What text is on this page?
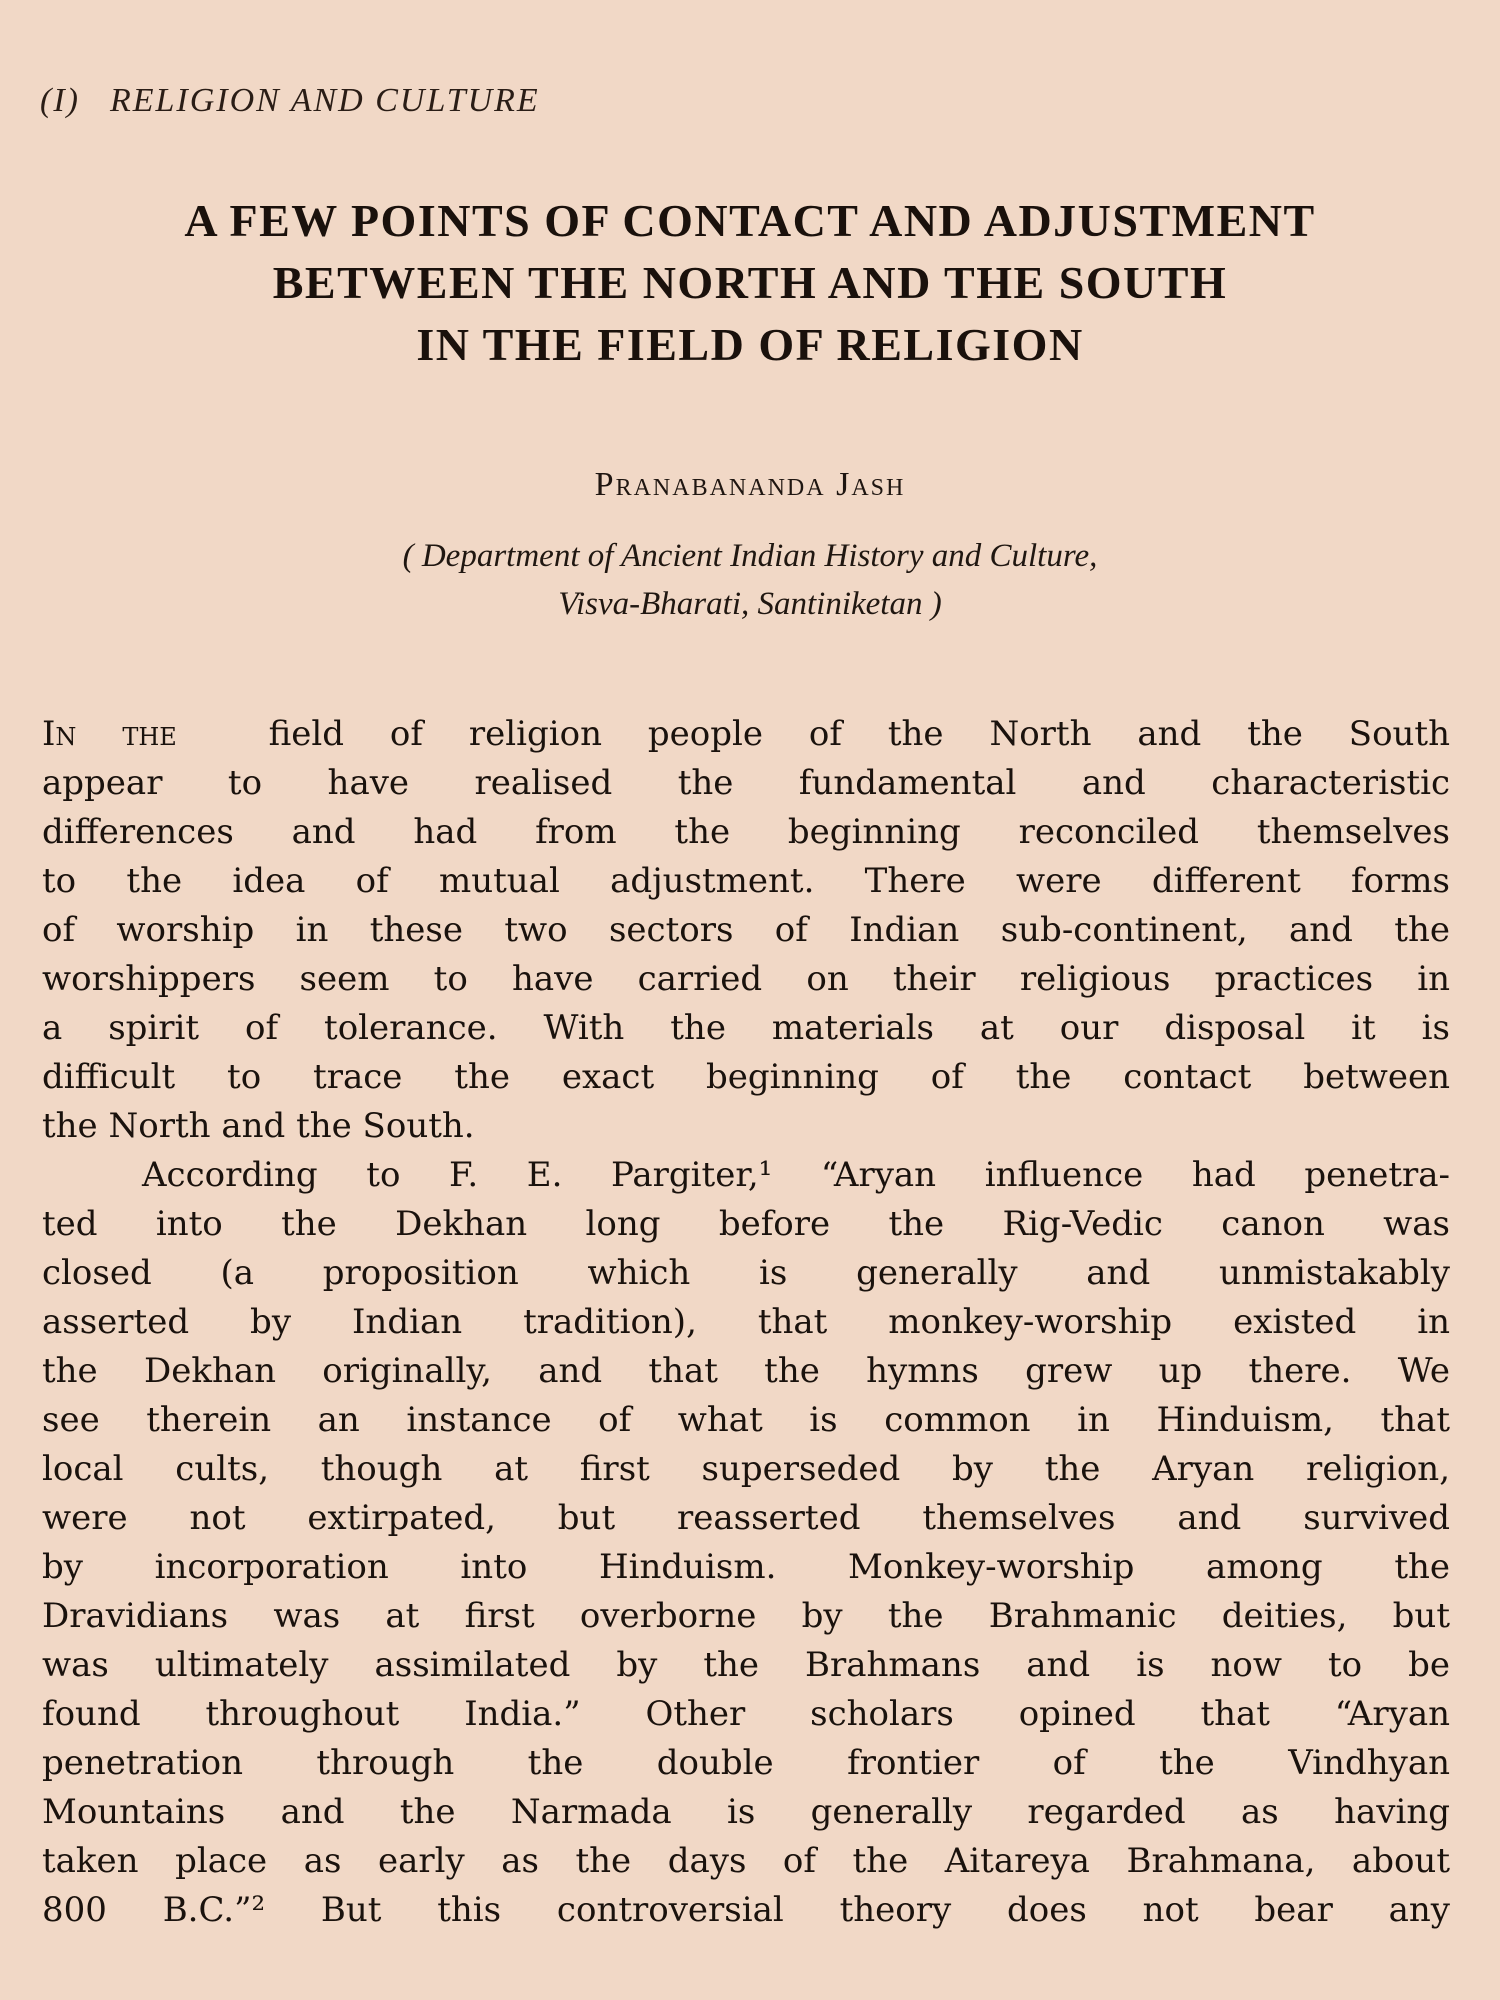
(I) RELIGION AND CULTURE
A FEW POINTS OF CONTACT AND ADJUSTMENT
BETWEEN THE NORTH AND THE SOUTH
IN THE FIELD OF RELIGION
Pranabananda Jash
( Department of Ancient Indian History and Culture,
Visva-Bharati, Santiniketan )
In the	field of religion people of the North and the South
appear to have realised the fundamental and characteristic
differences and had from the beginning reconciled themselves
to the idea of mutual adjustment. There were different forms
of worship in these two sectors of Indian sub-continent, and the
worshippers seem to have carried on their religious practices in
a spirit of tolerance. With the materials at our disposal it is
difficult to trace the exact beginning of the contact between
the North and the South.
According to F. E. Pargiter,¹ “Aryan influence had penetra-
ted into the Dekhan long before the Rig-Vedic canon was
closed (a proposition which is generally and unmistakably
asserted by Indian tradition), that monkey-worship existed in
the Dekhan originally, and that the hymns grew up there. We
see therein an instance of what is common in Hinduism, that
local cults, though at first superseded by the Aryan religion,
were not extirpated, but reasserted themselves and survived
by incorporation into Hinduism. Monkey-worship among the
Dravidians was at first overborne by the Brahmanic deities, but
was ultimately assimilated by the Brahmans and is now to be
found throughout India.” Other scholars opined that “Aryan
penetration through the double frontier of the Vindhyan
Mountains and the Narmada is generally regarded as having
taken place as early as the days of the Aitareya Brahmana, about
800 B.C.”² But this controversial theory does not bear any
